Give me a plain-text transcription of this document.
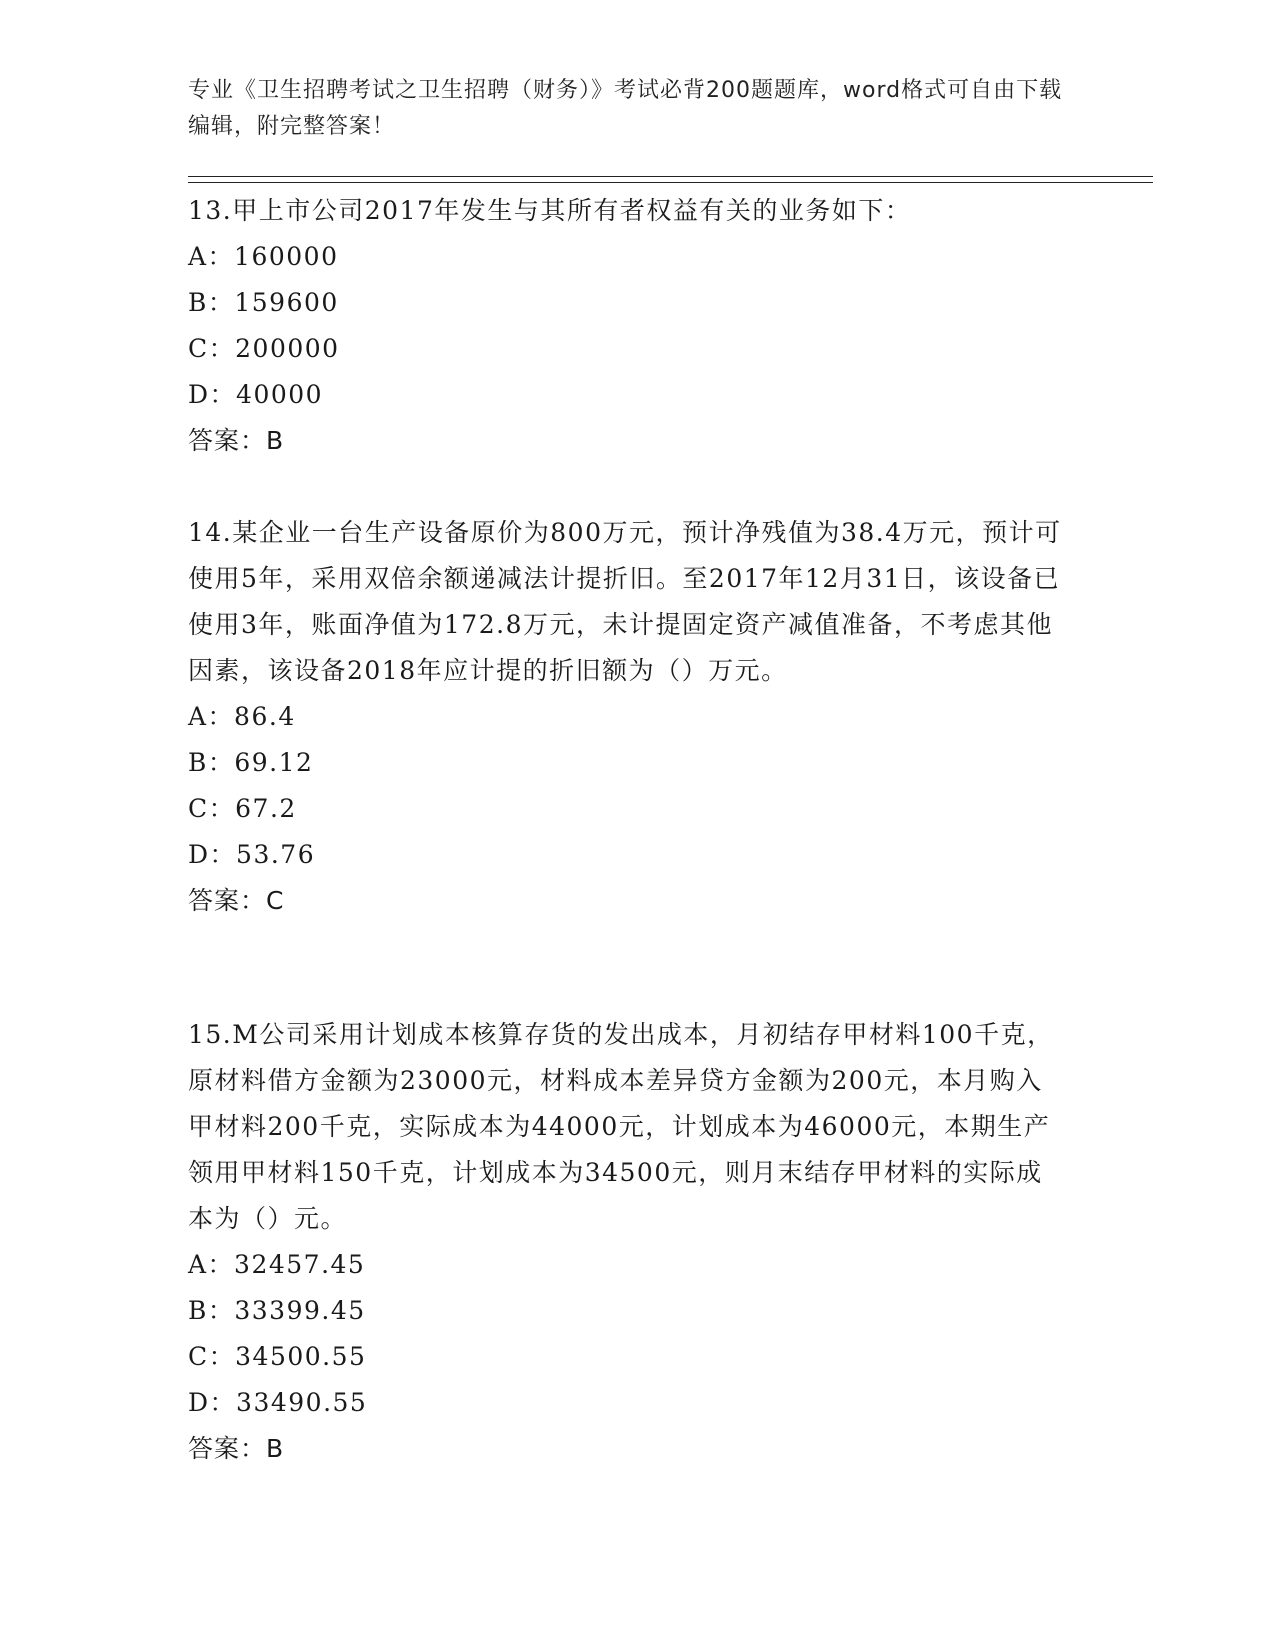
专业《卫生招聘考试之卫生招聘（财务）》考试必背200题题库，word格式可自由下载编辑，附完整答案！

13.甲上市公司2017年发生与其所有者权益有关的业务如下：

A：160000

B：159600

C：200000

D：40000

答案：B

14.某企业一台生产设备原价为800万元，预计净残值为38.4万元，预计可使用5年，采用双倍余额递减法计提折旧。至2017年12月31日，该设备已使用3年，账面净值为172.8万元，未计提固定资产减值准备，不考虑其他因素，该设备2018年应计提的折旧额为（）万元。

A：86.4

B：69.12

C：67.2

D：53.76

答案：C

15.M公司采用计划成本核算存货的发出成本，月初结存甲材料100千克，原材料借方金额为23000元，材料成本差异贷方金额为200元，本月购入甲材料200千克，实际成本为44000元，计划成本为46000元，本期生产领用甲材料150千克，计划成本为34500元，则月末结存甲材料的实际成本为（）元。

A：32457.45

B：33399.45

C：34500.55

D：33490.55

答案：B
